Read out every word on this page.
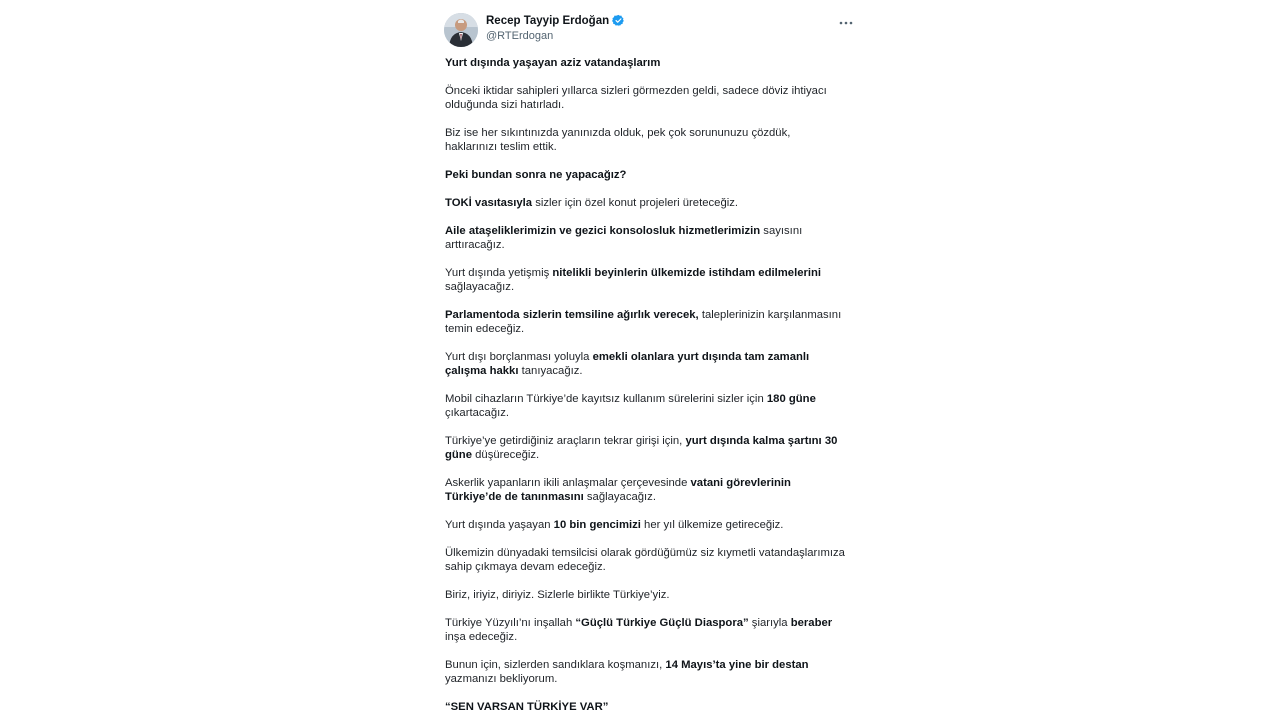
Recep Tayyip Erdoğan
@RTErdogan

Yurt dışında yaşayan aziz vatandaşlarım

Önceki iktidar sahipleri yıllarca sizleri görmezden geldi, sadece döviz ihtiyacı olduğunda sizi hatırladı.

Biz ise her sıkıntınızda yanınızda olduk, pek çok sorununuzu çözdük, haklarınızı teslim ettik.

Peki bundan sonra ne yapacağız?

TOKİ vasıtasıyla sizler için özel konut projeleri üreteceğiz.

Aile ataşeliklerimizin ve gezici konsolosluk hizmetlerimizin sayısını arttıracağız.

Yurt dışında yetişmiş nitelikli beyinlerin ülkemizde istihdam edilmelerini sağlayacağız.

Parlamentoda sizlerin temsiline ağırlık verecek, taleplerinizin karşılanmasını temin edeceğiz.

Yurt dışı borçlanması yoluyla emekli olanlara yurt dışında tam zamanlı çalışma hakkı tanıyacağız.

Mobil cihazların Türkiye’de kayıtsız kullanım sürelerini sizler için 180 güne çıkartacağız.

Türkiye’ye getirdiğiniz araçların tekrar girişi için, yurt dışında kalma şartını 30 güne düşüreceğiz.

Askerlik yapanların ikili anlaşmalar çerçevesinde vatani görevlerinin Türkiye’de de tanınmasını sağlayacağız.

Yurt dışında yaşayan 10 bin gencimizi her yıl ülkemize getireceğiz.

Ülkemizin dünyadaki temsilcisi olarak gördüğümüz siz kıymetli vatandaşlarımıza sahip çıkmaya devam edeceğiz.

Biriz, iriyiz, diriyiz. Sizlerle birlikte Türkiye’yiz.

Türkiye Yüzyılı’nı inşallah “Güçlü Türkiye Güçlü Diaspora” şiarıyla beraber inşa edeceğiz.

Bunun için, sizlerden sandıklara koşmanızı, 14 Mayıs’ta yine bir destan yazmanızı bekliyorum.

“SEN VARSAN TÜRKİYE VAR”
